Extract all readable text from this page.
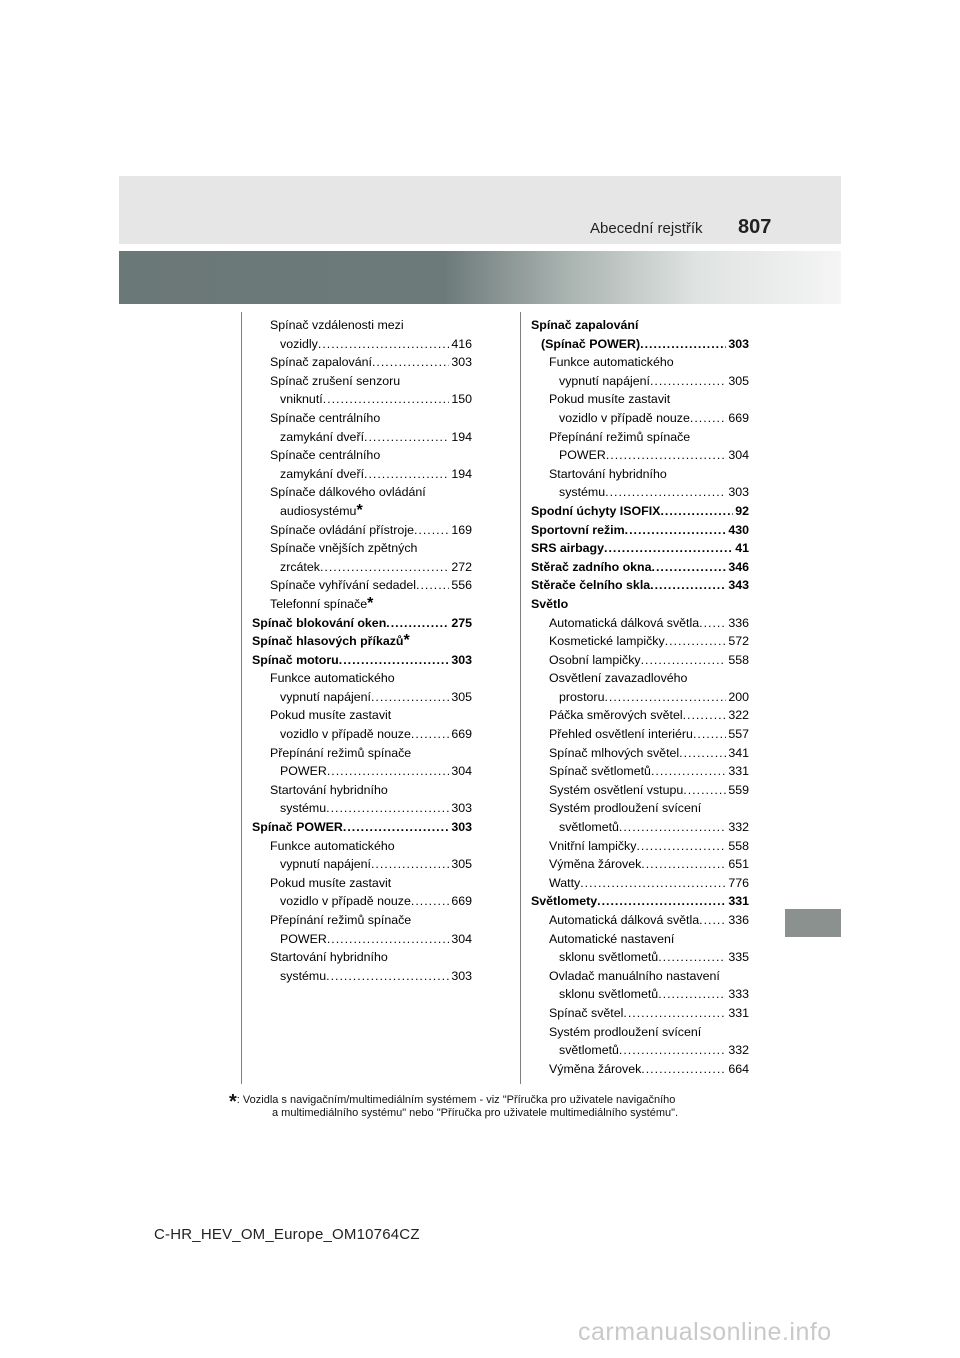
Abecední rejstřík 807
Spínač vzdálenosti mezi
vozidly .....	416
Spínač zapalování .....	303
Spínač zrušení senzoru
vniknutí .....	150
Spínače centrálního
zamykání dveří .....	194
Spínače centrálního
zamykání dveří .....	194
Spínače dálkového ovládání
audiosystému *
Spínače ovládání přístroje .....	169
Spínače vnějších zpětných
zrcátek .....	272
Spínače vyhřívání sedadel .....	556
Telefonní spínače *
Spínač blokování oken .....	275
Spínač hlasových příkazů *
Spínač motoru .....	303
Funkce automatického
vypnutí napájení .....	305
Pokud musíte zastavit
vozidlo v případě nouze .....	669
Přepínání režimů spínače
POWER .....	304
Startování hybridního
systému .....	303
Spínač POWER .....	303
Funkce automatického
vypnutí napájení .....	305
Pokud musíte zastavit
vozidlo v případě nouze .....	669
Přepínání režimů spínače
POWER .....	304
Startování hybridního
systému .....	303
Spínač zapalování
(Spínač POWER) .....	303
Funkce automatického
vypnutí napájení .....	305
Pokud musíte zastavit
vozidlo v případě nouze .....	669
Přepínání režimů spínače
POWER .....	304
Startování hybridního
systému .....	303
Spodní úchyty ISOFIX .....	92
Sportovní režim .....	430
SRS airbagy .....	41
Stěrač zadního okna .....	346
Stěrače čelního skla .....	343
Světlo
Automatická dálková světla ..... 336
Kosmetické lampičky .....	572
Osobní lampičky .....	558
Osvětlení zavazadlového
prostoru .....	200
Páčka směrových světel .....	322
Přehled osvětlení interiéru .....	557
Spínač mlhových světel .....	341
Spínač světlometů .....	331
Systém osvětlení vstupu .....	559
Systém prodloužení svícení
světlometů .....	332
Vnitřní lampičky .....	558
Výměna žárovek .....	651
Watty .....	776
Světlomety .....	331
Automatická dálková světla ..... 336
Automatické nastavení
sklonu světlometů .....	335
Ovladač manuálního nastavení
sklonu světlometů .....	333
Spínač světel .....	331
Systém prodloužení svícení
světlometů .....	332
Výměna žárovek .....	664
*: Vozidla s navigačním/multimediálním systémem - viz "Příručka pro uživatele navigačního
a multimediálního systému" nebo "Příručka pro uživatele multimediálního systému".
C-HR_HEV_OM_Europe_OM10764CZ
carmanualsonline.info
